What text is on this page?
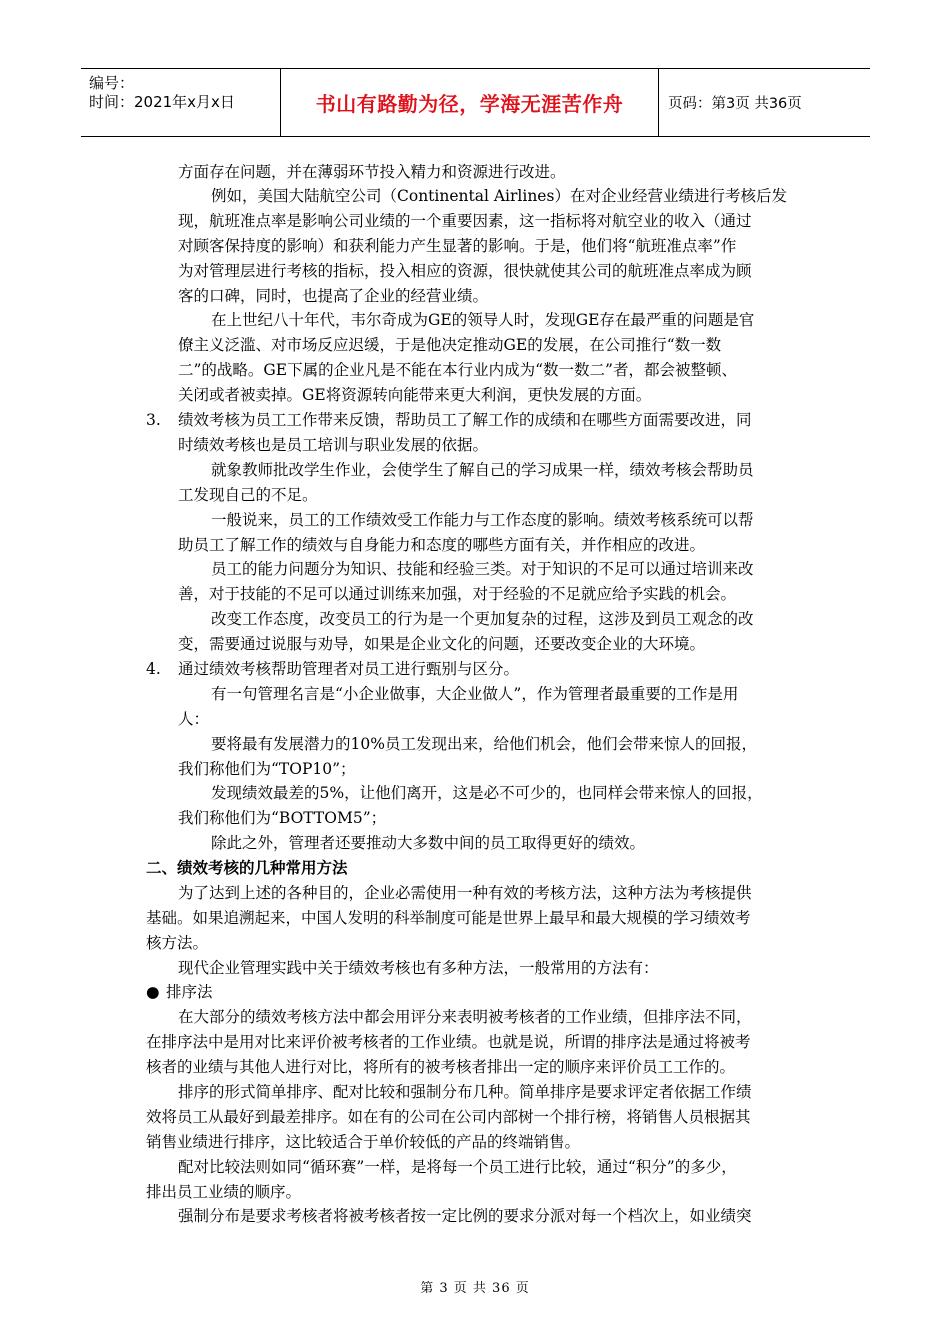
编号：
时间：2021年x月x日	书山有路勤为径，学海无涯苦作舟	页码：第3页 共36页
方面存在问题，并在薄弱环节投入精力和资源进行改进。
例如，美国大陆航空公司（Continental Airlines）在对企业经营业绩进行考核后发
现，航班准点率是影响公司业绩的一个重要因素，这一指标将对航空业的收入（通过
对顾客保持度的影响）和获利能力产生显著的影响。于是，他们将“航班准点率”作
为对管理层进行考核的指标，投入相应的资源，很快就使其公司的航班准点率成为顾
客的口碑，同时，也提高了企业的经营业绩。
在上世纪八十年代，韦尔奇成为GE的领导人时，发现GE存在最严重的问题是官
僚主义泛滥、对市场反应迟缓，于是他决定推动GE的发展，在公司推行“数一数
二”的战略。GE下属的企业凡是不能在本行业内成为“数一数二”者，都会被整顿、
关闭或者被卖掉。GE将资源转向能带来更大利润，更快发展的方面。
3. 绩效考核为员工工作带来反馈，帮助员工了解工作的成绩和在哪些方面需要改进，同
时绩效考核也是员工培训与职业发展的依据。
就象教师批改学生作业，会使学生了解自己的学习成果一样，绩效考核会帮助员
工发现自己的不足。
一般说来，员工的工作绩效受工作能力与工作态度的影响。绩效考核系统可以帮
助员工了解工作的绩效与自身能力和态度的哪些方面有关，并作相应的改进。
员工的能力问题分为知识、技能和经验三类。对于知识的不足可以通过培训来改
善，对于技能的不足可以通过训练来加强，对于经验的不足就应给予实践的机会。
改变工作态度，改变员工的行为是一个更加复杂的过程，这涉及到员工观念的改
变，需要通过说服与劝导，如果是企业文化的问题，还要改变企业的大环境。
4. 通过绩效考核帮助管理者对员工进行甄别与区分。
有一句管理名言是“小企业做事，大企业做人”，作为管理者最重要的工作是用
人：
要将最有发展潜力的10%员工发现出来，给他们机会，他们会带来惊人的回报，
我们称他们为“TOP10”；
发现绩效最差的5%，让他们离开，这是必不可少的，也同样会带来惊人的回报，
我们称他们为“BOTTOM5”；
除此之外，管理者还要推动大多数中间的员工取得更好的绩效。
二、绩效考核的几种常用方法
为了达到上述的各种目的，企业必需使用一种有效的考核方法，这种方法为考核提供
基础。如果追溯起来，中国人发明的科举制度可能是世界上最早和最大规模的学习绩效考
核方法。
现代企业管理实践中关于绩效考核也有多种方法，一般常用的方法有：
● 排序法
在大部分的绩效考核方法中都会用评分来表明被考核者的工作业绩，但排序法不同，
在排序法中是用对比来评价被考核者的工作业绩。也就是说，所谓的排序法是通过将被考
核者的业绩与其他人进行对比，将所有的被考核者排出一定的顺序来评价员工工作的。
排序的形式简单排序、配对比较和强制分布几种。简单排序是要求评定者依据工作绩
效将员工从最好到最差排序。如在有的公司在公司内部树一个排行榜，将销售人员根据其
销售业绩进行排序，这比较适合于单价较低的产品的终端销售。
配对比较法则如同“循环赛”一样，是将每一个员工进行比较，通过“积分”的多少，
排出员工业绩的顺序。
强制分布是要求考核者将被考核者按一定比例的要求分派对每一个档次上，如业绩突
第 3 页 共 36 页
